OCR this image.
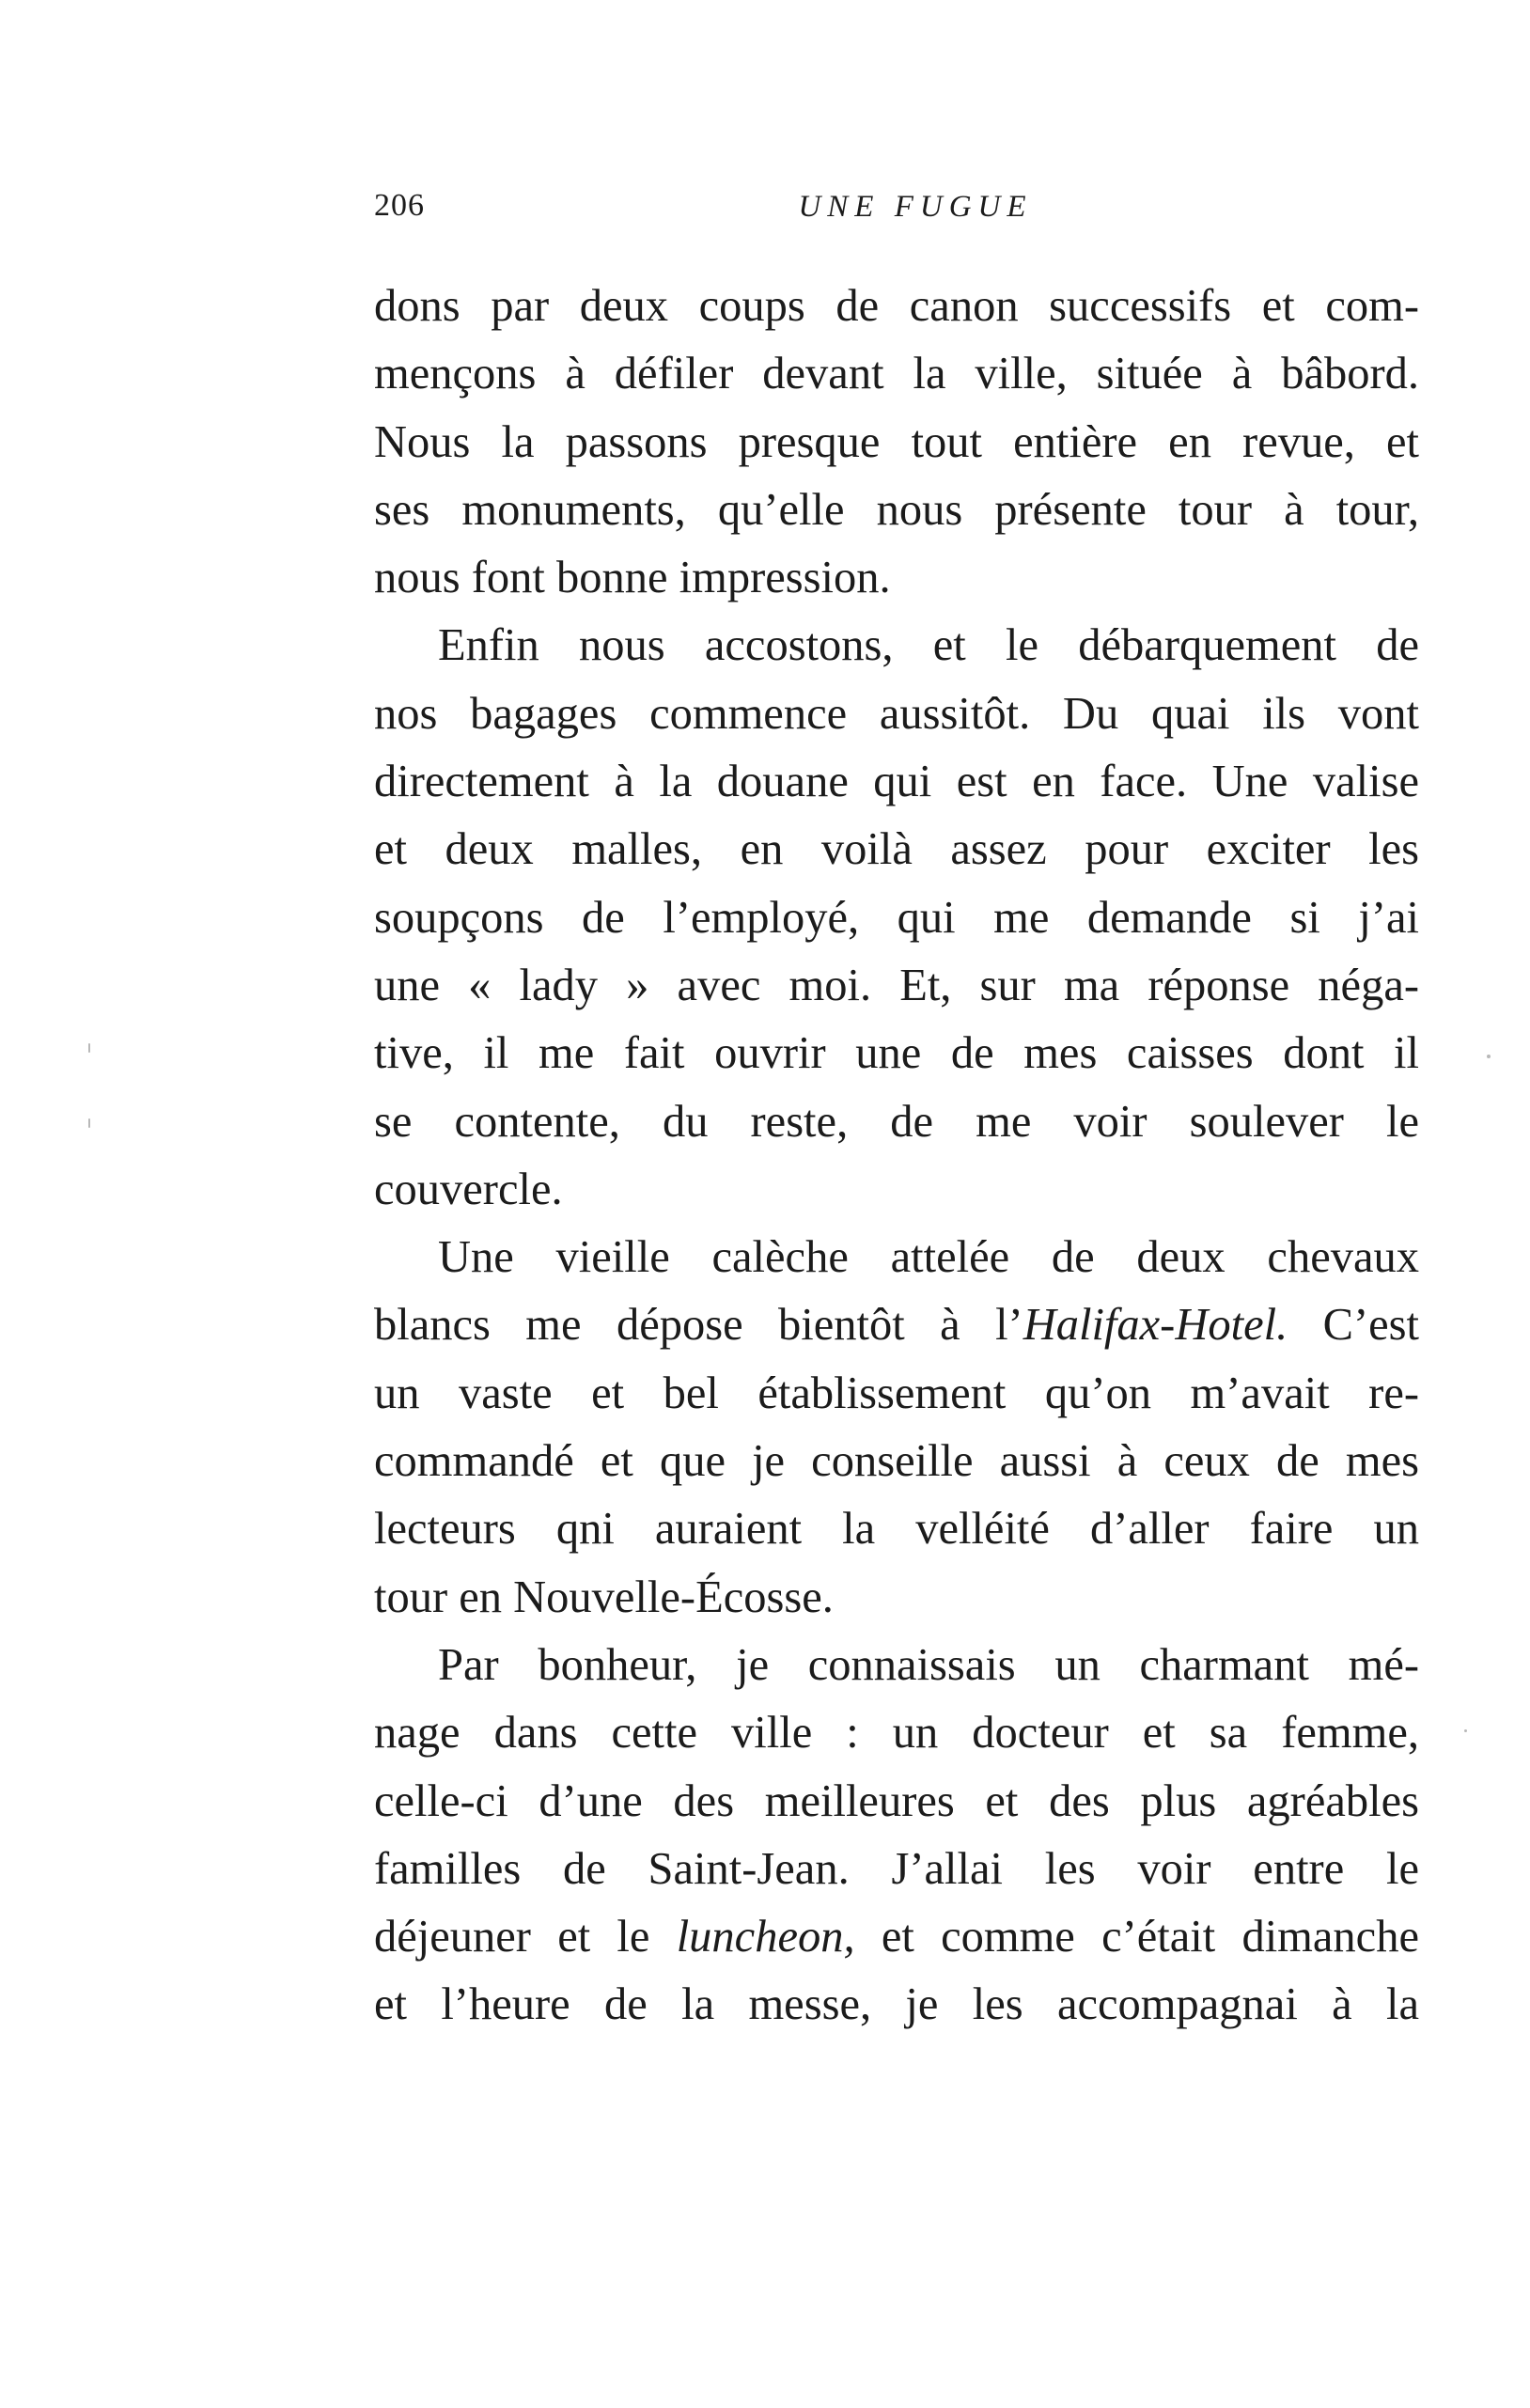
206	UNE FUGUE
dons par deux coups de canon successifs et com-
mençons à défiler devant la ville, située à bâbord.
Nous la passons presque tout entière en revue, et
ses monuments, qu’elle nous présente tour à tour,
nous font bonne impression.
Enfin nous accostons, et le débarquement de
nos bagages commence aussitôt. Du quai ils vont
directement à la douane qui est en face. Une valise
et deux malles, en voilà assez pour exciter les
soupçons de l’employé, qui me demande si j’ai
une « lady » avec moi. Et, sur ma réponse néga-
tive, il me fait ouvrir une de mes caisses dont il
se contente, du reste, de me voir soulever le
couvercle.
Une vieille calèche attelée de deux chevaux
blancs me dépose bientôt à l’Halifax-Hotel. C’est
un vaste et bel établissement qu’on m’avait re-
commandé et que je conseille aussi à ceux de mes
lecteurs qni auraient la velléité d’aller faire un
tour en Nouvelle-Écosse.
Par bonheur, je connaissais un charmant mé-
nage dans cette ville : un docteur et sa femme,
celle-ci d’une des meilleures et des plus agréables
familles de Saint-Jean. J’allai les voir entre le
déjeuner et le luncheon, et comme c’était dimanche
et l’heure de la messe, je les accompagnai à la
